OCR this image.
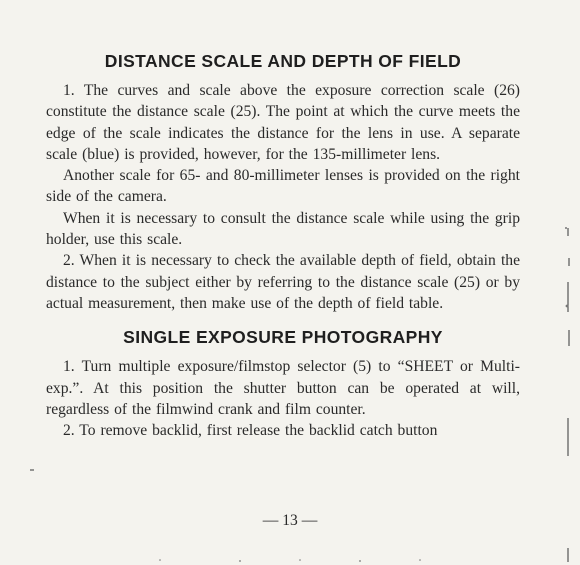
DISTANCE SCALE AND DEPTH OF FIELD

1. The curves and scale above the exposure correction scale (26) constitute the distance scale (25). The point at which the curve meets the edge of the scale indicates the distance for the lens in use. A separate scale (blue) is provided, however, for the 135-millimeter lens.

Another scale for 65- and 80-millimeter lenses is provided on the right side of the camera.

When it is necessary to consult the distance scale while using the grip holder, use this scale.

2. When it is necessary to check the available depth of field, obtain the distance to the subject either by referring to the distance scale (25) or by actual measurement, then make use of the depth of field table.

SINGLE EXPOSURE PHOTOGRAPHY

1. Turn multiple exposure/filmstop selector (5) to “SHEET or Multi-exp.”. At this position the shutter button can be operated at will, regardless of the filmwind crank and film counter.

2. To remove backlid, first release the backlid catch button

— 13 —
